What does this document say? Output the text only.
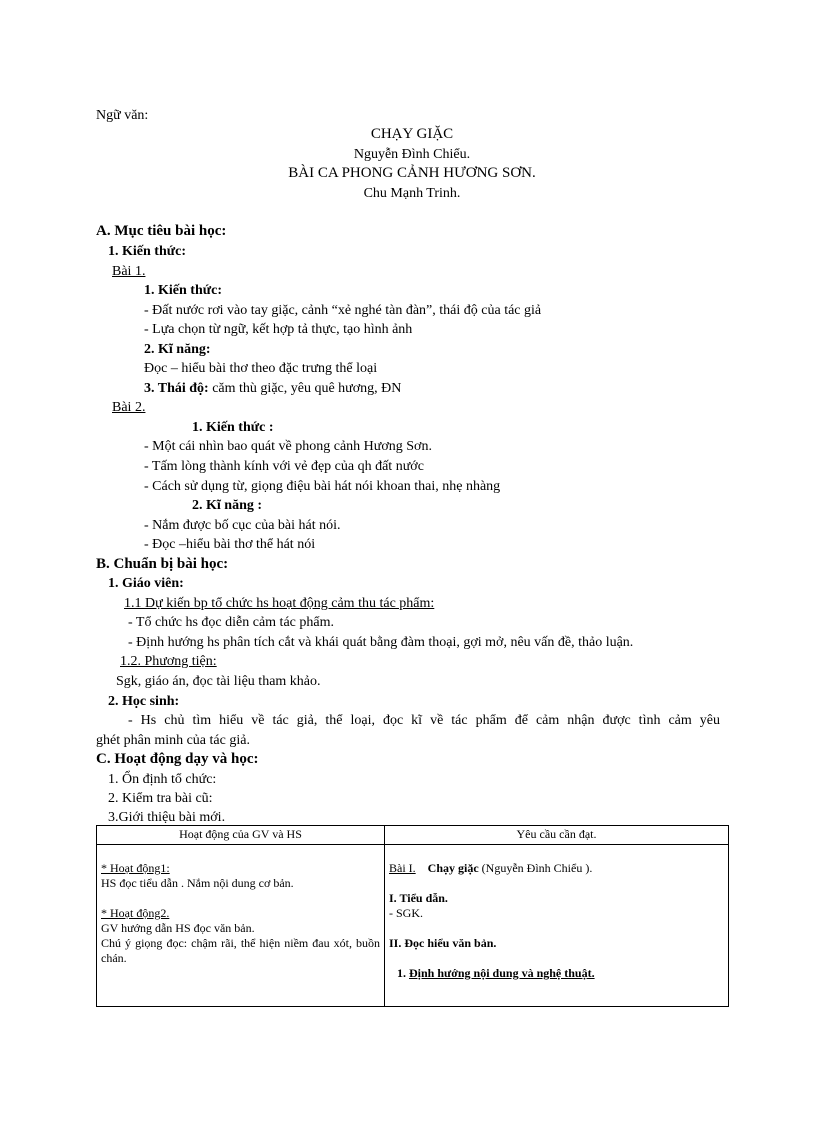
Ngữ văn:
CHẠY GIẶC
Nguyễn Đình Chiểu.
BÀI CA PHONG CẢNH HƯƠNG SƠN.
Chu Mạnh Trinh.
A. Mục tiêu bài học:
1. Kiến thức:
Bài 1.
1. Kiến thức:
- Đất nước rơi vào tay giặc, cảnh “xẻ nghé tàn đàn”, thái độ của tác giả
- Lựa chọn từ ngữ, kết hợp tả thực, tạo hình ảnh
2. Kĩ năng:
Đọc – hiểu bài thơ theo đặc trưng thể loại
3. Thái độ: căm thù giặc, yêu quê hương, ĐN
Bài 2.
1. Kiến thức :
- Một cái nhìn bao quát về phong cảnh Hương Sơn.
- Tấm lòng thành kính với vẻ đẹp của qh đất nước
- Cách sử dụng từ, giọng điệu bài hát nói khoan thai, nhẹ nhàng
2. Kĩ năng :
- Nắm được bố cục của bài hát nói.
- Đọc –hiểu bài thơ thể hát nói
B. Chuẩn bị bài học:
1. Giáo viên:
1.1 Dự kiến bp tổ chức hs hoạt động cảm thu tác phẩm:
- Tổ chức hs đọc diễn cảm tác phẩm.
- Định hướng hs phân tích cắt và khái quát bằng đàm thoại, gợi mở, nêu vấn đề, thảo luận.
1.2. Phương tiện:
Sgk, giáo án, đọc tài liệu tham khảo.
2. Học sinh:
- Hs chủ tìm hiểu về tác giả, thể loại, đọc kĩ về tác phẩm để cảm nhận được tình cảm yêu
ghét phân minh của tác giả.
C. Hoạt động dạy và học:
1. Ổn định tổ chức:
2. Kiểm tra bài cũ:
3.Giới thiệu bài mới.
Hoạt động của GV và HS	Yêu cầu cần đạt.

* Hoạt động1:
HS đọc tiểu dẫn . Nắm nội dung cơ bản.
* Hoạt động2.
GV hướng dẫn HS đọc văn bản.
Chú ý giọng đọc: chậm rãi, thể hiện niềm đau xót, buồn chán.	Bài I. Chạy giặc (Nguyễn Đình Chiểu ).
I. Tiểu dẫn.
- SGK.
II. Đọc hiểu văn bản.
1. Định hướng nội dung và nghệ thuật.
